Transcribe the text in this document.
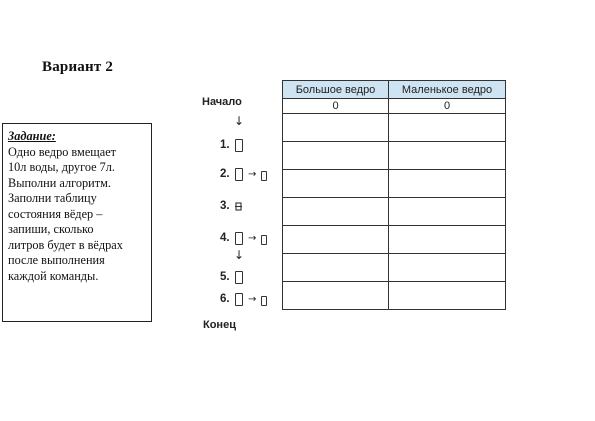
Вариант 2
Задание:
Одно ведро вмещает
10л воды, другое 7л.
Выполни алгоритм.
Заполни таблицу
состояния вёдер –
запиши, сколько
литров будет в вёдрах
после выполнения
каждой команды.
Начало
↓
1.
2. →
3.
4. →
↓
5.
6. →
Конец
Большое ведро	Маленькое ведро
0	0
